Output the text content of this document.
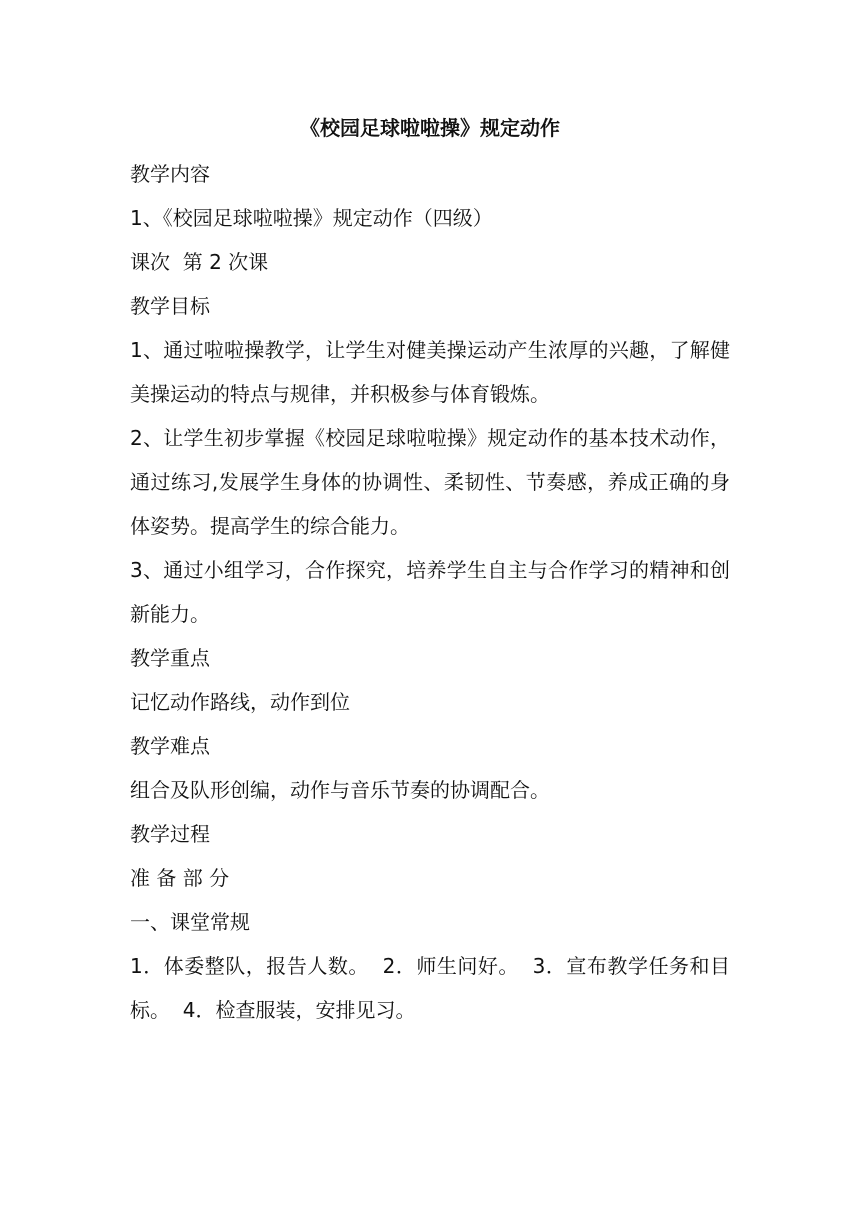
《校园足球啦啦操》规定动作

教学内容

1、《校园足球啦啦操》规定动作（四级）

课次  第 2 次课

教学目标

1、通过啦啦操教学，让学生对健美操运动产生浓厚的兴趣，了解健美操运动的特点与规律，并积极参与体育锻炼。

2、让学生初步掌握《校园足球啦啦操》规定动作的基本技术动作，通过练习,发展学生身体的协调性、柔韧性、节奏感，养成正确的身体姿势。提高学生的综合能力。

3、通过小组学习，合作探究，培养学生自主与合作学习的精神和创新能力。

教学重点

记忆动作路线，动作到位

教学难点

组合及队形创编，动作与音乐节奏的协调配合。

教学过程

准 备 部 分

一、课堂常规

1．体委整队，报告人数。  2．师生问好。  3．宣布教学任务和目标。  4．检查服装，安排见习。
